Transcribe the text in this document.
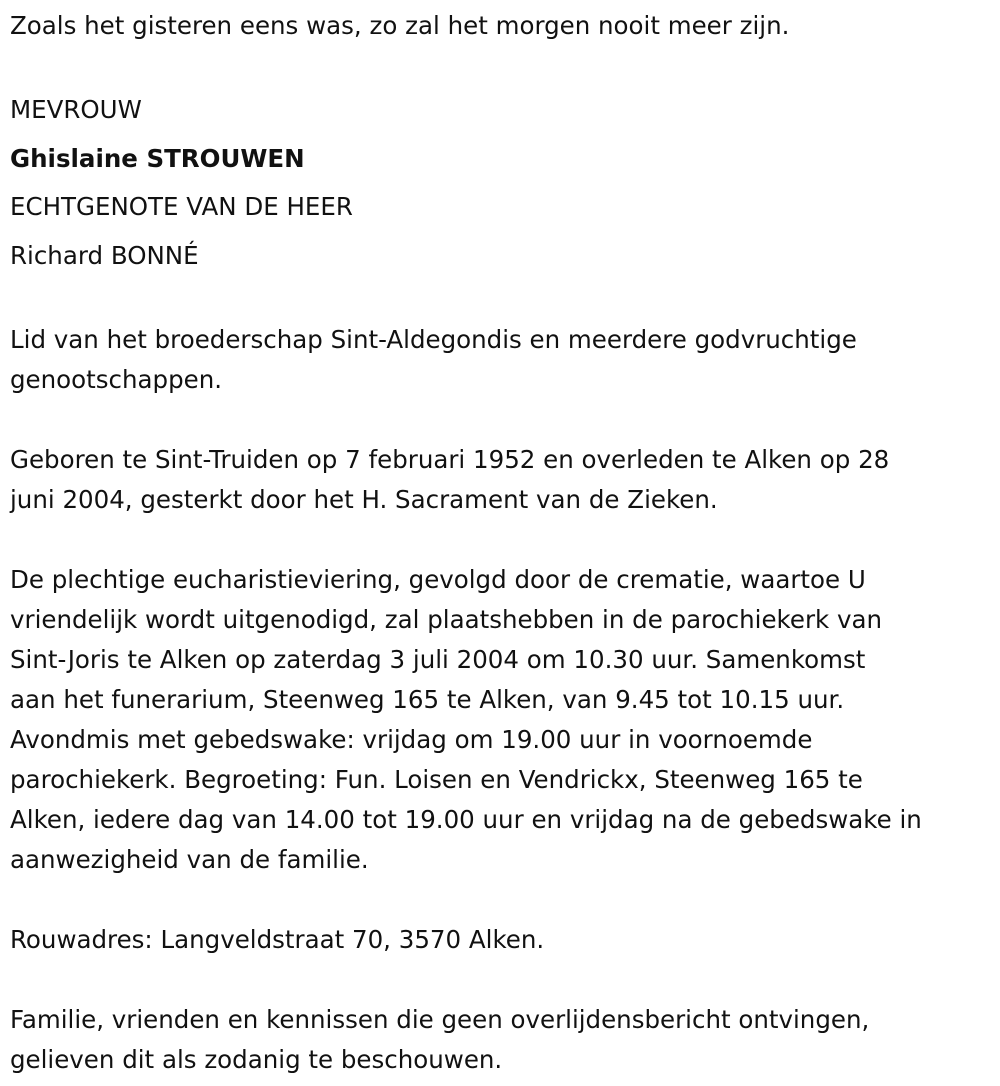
Zoals het gisteren eens was, zo zal het morgen nooit meer zijn.
MEVROUW
Ghislaine STROUWEN
ECHTGENOTE VAN DE HEER
Richard BONNÉ
Lid van het broederschap Sint-Aldegondis en meerdere godvruchtige
genootschappen.
Geboren te Sint-Truiden op 7 februari 1952 en overleden te Alken op 28
juni 2004, gesterkt door het H. Sacrament van de Zieken.
De plechtige eucharistieviering, gevolgd door de crematie, waartoe U
vriendelijk wordt uitgenodigd, zal plaatshebben in de parochiekerk van
Sint-Joris te Alken op zaterdag 3 juli 2004 om 10.30 uur. Samenkomst
aan het funerarium, Steenweg 165 te Alken, van 9.45 tot 10.15 uur.
Avondmis met gebedswake: vrijdag om 19.00 uur in voornoemde
parochiekerk. Begroeting: Fun. Loisen en Vendrickx, Steenweg 165 te
Alken, iedere dag van 14.00 tot 19.00 uur en vrijdag na de gebedswake in
aanwezigheid van de familie.
Rouwadres: Langveldstraat 70, 3570 Alken.
Familie, vrienden en kennissen die geen overlijdensbericht ontvingen,
gelieven dit als zodanig te beschouwen.
